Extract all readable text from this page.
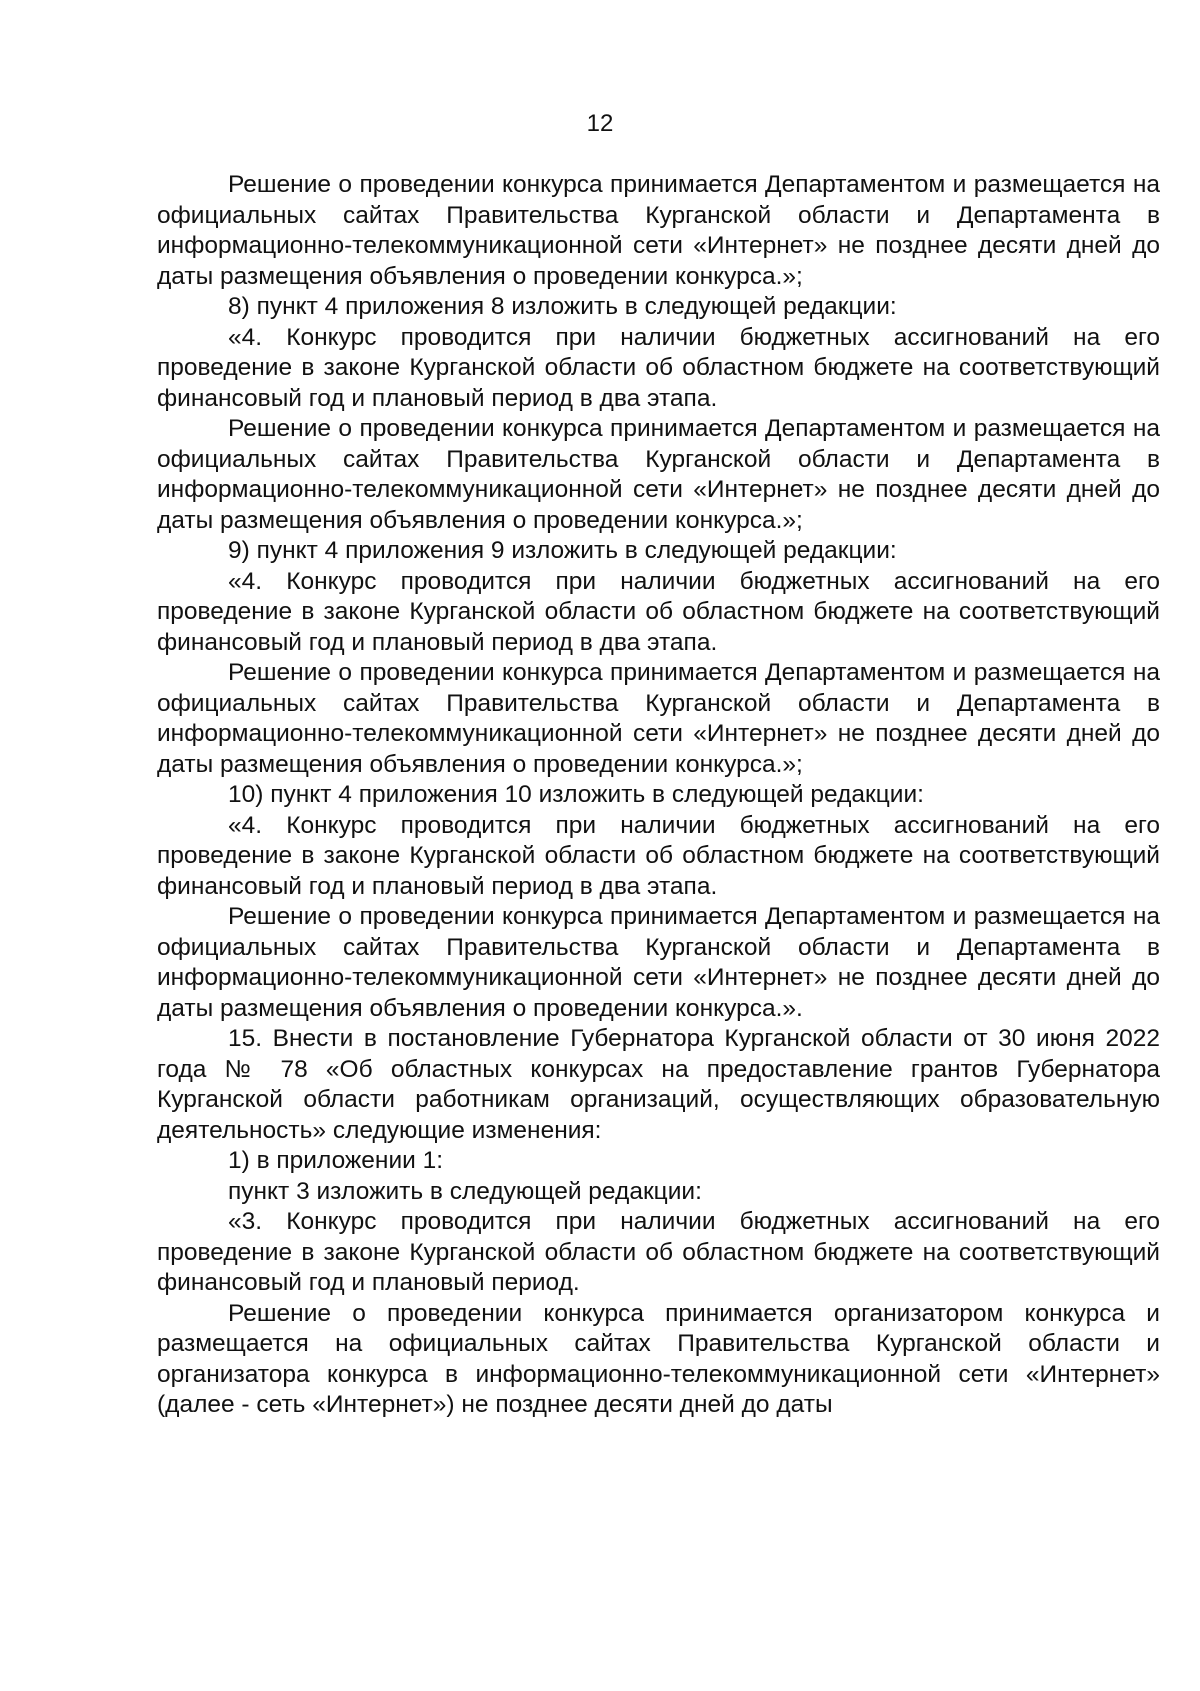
12

Решение о проведении конкурса принимается Департаментом и размещается на официальных сайтах Правительства Курганской области и Департамента в информационно-телекоммуникационной сети «Интернет» не позднее десяти дней до даты размещения объявления о проведении конкурса.»;

8) пункт 4 приложения 8 изложить в следующей редакции:

«4. Конкурс проводится при наличии бюджетных ассигнований на его проведение в законе Курганской области об областном бюджете на соответствующий финансовый год и плановый период в два этапа.

Решение о проведении конкурса принимается Департаментом и размещается на официальных сайтах Правительства Курганской области и Департамента в информационно-телекоммуникационной сети «Интернет» не позднее десяти дней до даты размещения объявления о проведении конкурса.»;

9) пункт 4 приложения 9 изложить в следующей редакции:

«4. Конкурс проводится при наличии бюджетных ассигнований на его проведение в законе Курганской области об областном бюджете на соответствующий финансовый год и плановый период в два этапа.

Решение о проведении конкурса принимается Департаментом и размещается на официальных сайтах Правительства Курганской области и Департамента в информационно-телекоммуникационной сети «Интернет» не позднее десяти дней до даты размещения объявления о проведении конкурса.»;

10) пункт 4 приложения 10 изложить в следующей редакции:

«4. Конкурс проводится при наличии бюджетных ассигнований на его проведение в законе Курганской области об областном бюджете на соответствующий финансовый год и плановый период в два этапа.

Решение о проведении конкурса принимается Департаментом и размещается на официальных сайтах Правительства Курганской области и Департамента в информационно-телекоммуникационной сети «Интернет» не позднее десяти дней до даты размещения объявления о проведении конкурса.».

15. Внести в постановление Губернатора Курганской области от 30 июня 2022 года № 78 «Об областных конкурсах на предоставление грантов Губернатора Курганской области работникам организаций, осуществляющих образовательную деятельность» следующие изменения:

1) в приложении 1:

пункт 3 изложить в следующей редакции:

«3. Конкурс проводится при наличии бюджетных ассигнований на его проведение в законе Курганской области об областном бюджете на соответствующий финансовый год и плановый период.

Решение о проведении конкурса принимается организатором конкурса и размещается на официальных сайтах Правительства Курганской области и организатора конкурса в информационно-телекоммуникационной сети «Интернет» (далее - сеть «Интернет») не позднее десяти дней до даты
